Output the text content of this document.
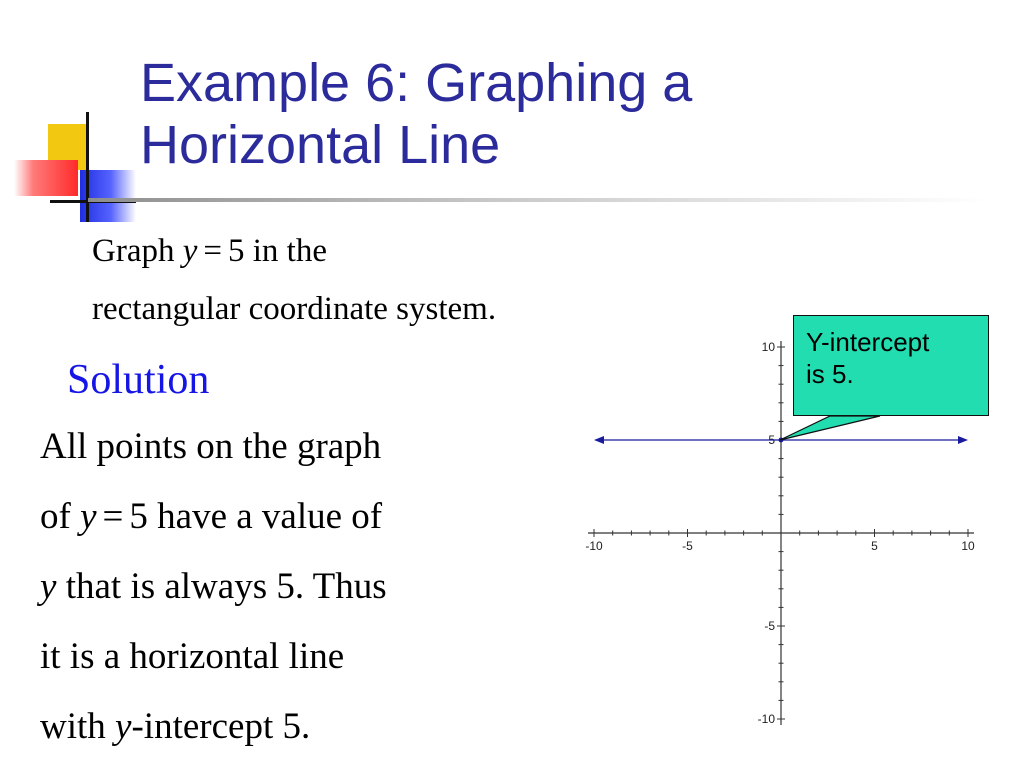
Example 6: Graphing a
Horizontal Line
Graph y = 5 in the
rectangular coordinate system.
Solution
All points on the graph
of y = 5 have a value of
y that is always 5. Thus
it is a horizontal line
with y-intercept 5.
-10	-5	5	10
10
5
-5
-10
Y-intercept
is 5.
